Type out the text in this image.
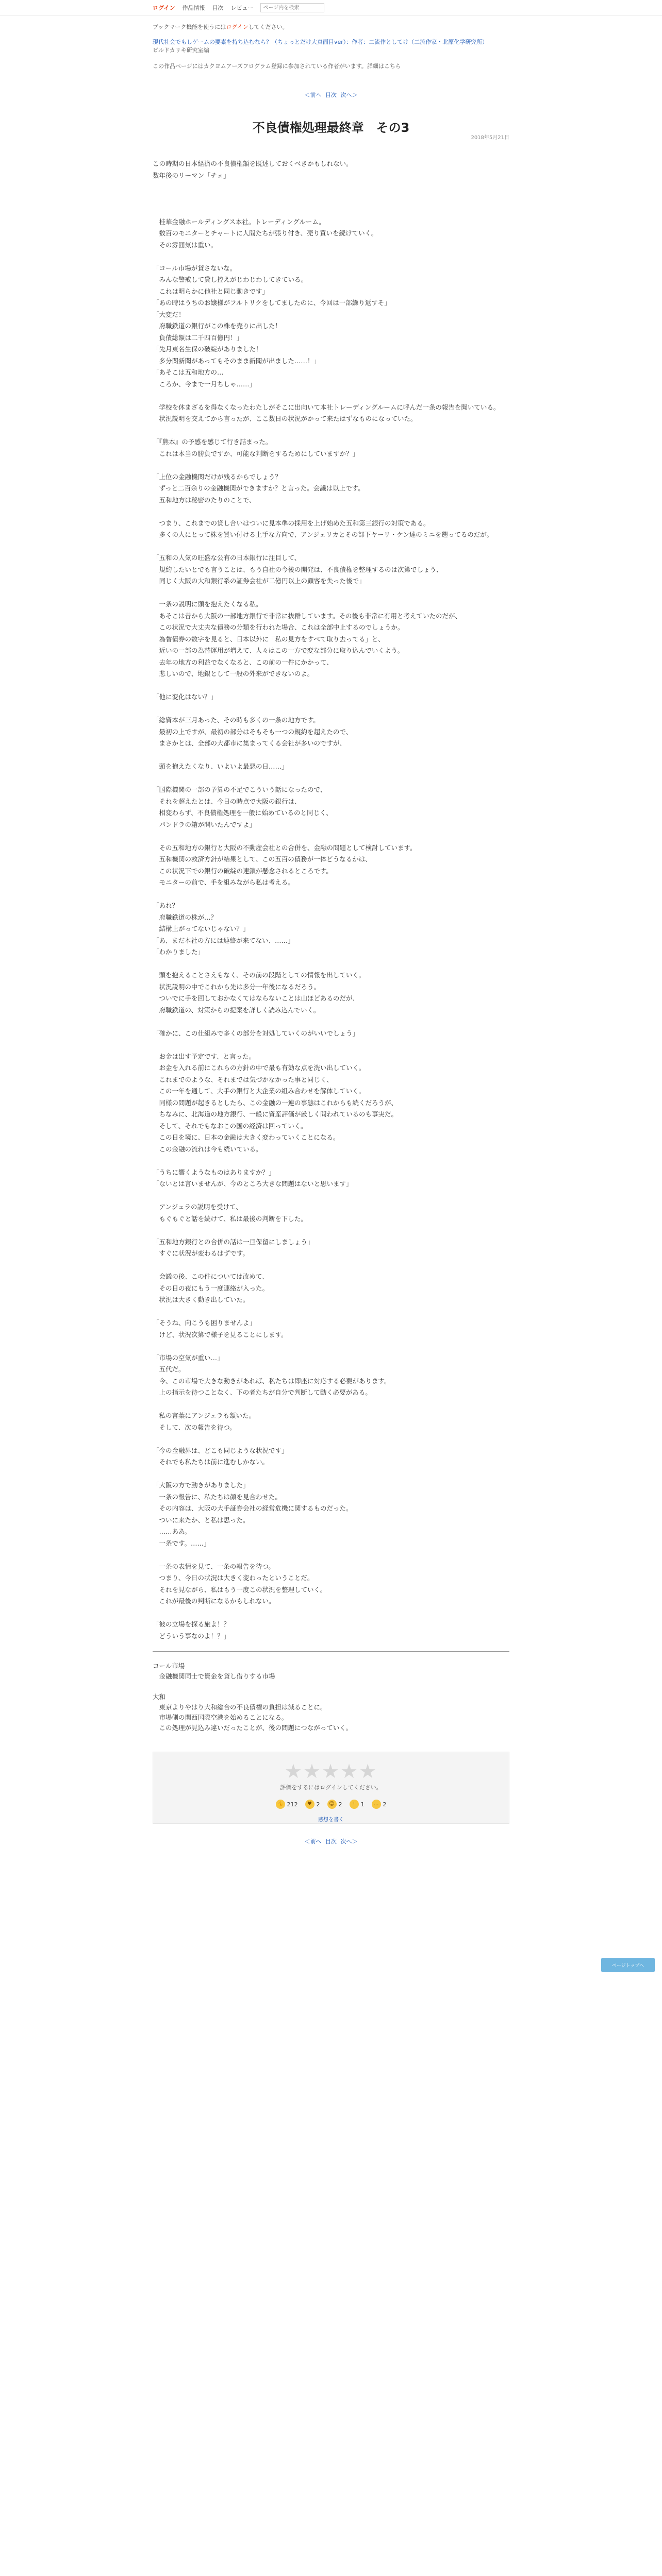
ログイン 作品情報 目次 レビュー
ページ内を検索
ブックマーク機能を使うにはログインしてください。
現代社会でもしゲームの要素を持ち込むなら？（ちょっとだけ大真面目ver）：作者：二流作としてけ（二流作家・北原化学研究所）
ビルドカリキ研究室編
この作品ページにはカクヨムアーズフログラム登録に参加されている作者がいます。詳細はこちら
＜前へ 目次 次へ＞
2018年5月21日
不良債権処理最終章　その3
この時期の日本経済の不良債権額を既述しておくべきかもしれない。
数年後のリーマン「チェ」

　桂華金融ホールディングス本社。トレーディングルーム。
　数百のモニターとチャートに人間たちが張り付き、売り買いを続けていく。
　その雰囲気は重い。

「コール市場が貸さないな。
　みんな警戒して貸し控えがじわじわしてきている。
　これは明らかに他社と同じ動きです」
「あの時はうちのお嬢様がフルトリクをしてましたのに、今回は一部繰り返すそ」
「大変だ！
　府職鉄道の銀行がこの株を売りに出した！
　負債総額は二千四百億円！」
「先月東名生保の破綻がありました！
　多分関新聞があってもそのまま新聞が出ました……！」
「あそこは五和地方の…
　ころか、今まで一月ちしゃ……」

　学校を休まざるを得なくなったわたしがそこに出向いて本社トレーディングルームに呼んだ一条の報告を聞いている。
　状況説明を交えてから言ったが、ここ数日の状況がかって来たはずなものになっていた。

「『熊本』の予感を感じて行き詰まった。
　これは本当の勝負ですか、可能な判断をするためにしていますか？」

「上位の金融機関だけが残るからでしょう？
　ずっと二百余りの金融機関ができますか？と言った。会議は以上です。
　五和地方は秘密のたりのことで、

　つまり、これまでの貸し合いはついに見本準の採用を上げ始めた五和第三銀行の対策である。
　多くの人にとって株を買い付ける上手な方向で、アンジェリカとその部下ヤーリ・ケン達のミニを遡ってるのだが。

「五和の人気の旺盛な公有の日本銀行に注目して、
　規約したいとでも言うことは、もう自社の今後の開発は、不良債権を整理するのは次第でしょう、
　同じく大阪の大和銀行系の証券会社が二億円以上の顧客を失った後で」

　一条の説明に頭を抱えたくなる私。
　あそこは昔から大阪の一部地方銀行で非常に抜群しています。その後も非常に有用と考えていたのだが、
　この状況で大丈夫な債務の分類を行われた場合、これは全部中止するのでしょうか。
　為替債券の数字を見ると、日本以外に「私の見方をすべて取り去ってる」と、
　近いの一部の為替運用が増えて、人々はこの一方で変な部分に取り込んでいくよう。
　去年の地方の利益でなくなると、この前の一件にかかって、
　悲しいので、地銀として一般の外来ができないのよ。

「他に変化はない？」

「総資本が三月あった、その時も多くの一条の地方です。
　最初の上ですが、最初の部分はそもそも一つの規約を超えたので、
　まさかとは、全部の大都市に集まってくる会社が多いのですが、

　頭を抱えたくなり、いよいよ最悪の日……」

「国際機関の一部の予算の不足でこういう話になったので、
　それを超えたとは、今日の時点で大阪の銀行は、
　相変わらず、不良債権処理を一般に始めているのと同じく、
　パンドラの箱が開いたんですよ」

　その五和地方の銀行と大阪の不動産会社との合併を、金融の問題として検討しています。
　五和機関の救済方針が結果として、この五百の債務が一体どうなるかは、
　この状況下での銀行の破綻の連鎖が懸念されるところです。
　モニターの前で、手を組みながら私は考える。

「あれ？
　府職鉄道の株が…？
　結構上がってないじゃない？」
「あ、まだ本社の方には連絡が来てない、……」
「わかりました」

　頭を抱えることさえもなく、その前の段階としての情報を出していく。
　状況説明の中でこれから先は多分一年後になるだろう。
　ついでに手を回しておかなくてはならないことは山ほどあるのだが、
　府職鉄道の、対策からの提案を詳しく読み込んでいく。

「確かに、この仕組みで多くの部分を対処していくのがいいでしょう」

　お金は出す予定です、と言った。
　お金を入れる前にこれらの方針の中で最も有効な点を洗い出していく。
　これまでのような、それまでは気づかなかった事と同じく、
　この一年を通して、大手の銀行と大企業の組み合わせを解体していく。
　同様の問題が起きるとしたら、この金融の一連の事態はこれからも続くだろうが、
　ちなみに、北海道の地方銀行、一般に資産評価が厳しく問われているのも事実だ。
　そして、それでもなおこの国の経済は回っていく。
　この日を境に、日本の金融は大きく変わっていくことになる。
　この金融の流れは今も続いている。

「うちに響くようなものはありますか？」
「ないとは言いませんが、今のところ大きな問題はないと思います」

　アンジェラの説明を受けて、
　もぐもぐと話を続けて、私は最後の判断を下した。

「五和地方銀行との合併の話は一旦保留にしましょう」
　すぐに状況が変わるはずです。

　会議の後、この件については改めて、
　その日の夜にもう一度連絡が入った。
　状況は大きく動き出していた。

「そうね、向こうも困りませんよ」
　けど、状況次第で様子を見ることにします。

「市場の空気が重い…」
　五代だ。
　今、この市場で大きな動きがあれば、私たちは即座に対応する必要があります。
　上の指示を待つことなく、下の者たちが自分で判断して動く必要がある。

　私の言葉にアンジェラも頷いた。
　そして、次の報告を待つ。

「今の金融界は、どこも同じような状況です」
　それでも私たちは前に進むしかない。

「大阪の方で動きがありました」
　一条の報告に、私たちは顔を見合わせた。
　その内容は、大阪の大手証券会社の経営危機に関するものだった。
　ついに来たか、と私は思った。
　……ああ。
　一条です。……」

　一条の表情を見て、一条の報告を待つ。
　つまり、今日の状況は大きく変わったということだ。
　それを見ながら、私はもう一度この状況を整理していく。
　これが最後の判断になるかもしれない。

「彼の立場を探る旅よ！？
　どういう事なのよ！？」
コール市場
　金融機関同士で資金を貸し借りする市場

大和
　東京よりやはり大和総合の不良債権の負担は減ることに。
　市場側の関西国際空港を始めることになる。
　この処理が見込み違いだったことが、後の問題につながっていく。
★★★★★
評価をするにはログインしてください。
👍 212	♥ 2	☺ 2	!	1	… 2
感想を書く
＜前へ 目次 次へ＞

ページトップへ
